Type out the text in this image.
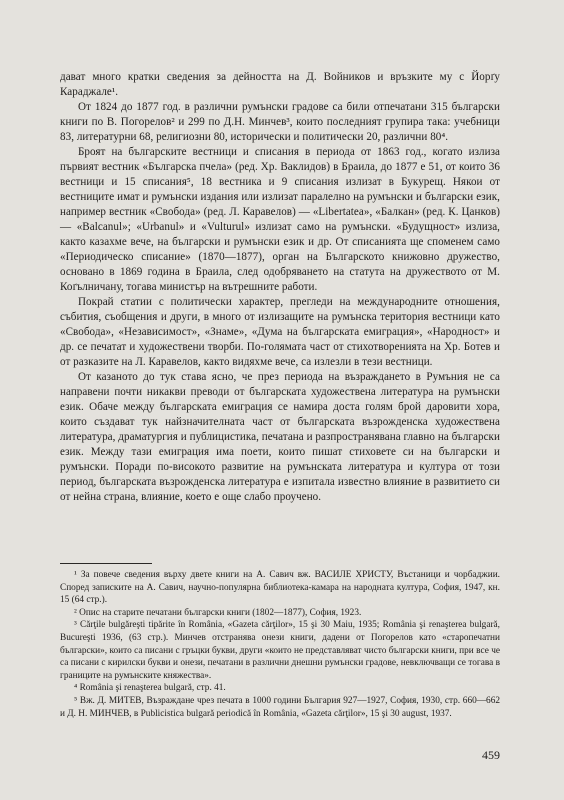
дават много кратки сведения за дейността на Д. Войников и връзките му с Йорґу Караджале¹.

От 1824 до 1877 год. в различни румънски градове са били отпечатани 315 български книги по В. Погорелов² и 299 по Д.Н. Минчев³, които последният групира така: учебници 83, литературни 68, религиозни 80, исторически и политически 20, различни 80⁴.

Броят на българските вестници и списания в периода от 1863 год., когато излиза първият вестник «Българска пчела» (ред. Хр. Ваклидов) в Браила, до 1877 е 51, от които 36 вестници и 15 списания⁵, 18 вестника и 9 списания излизат в Букурещ. Някои от вестниците имат и румънски издания или излизат паралелно на румънски и български език, например вестник «Свобода» (ред. Л. Каравелов) — «Libertatea», «Балкан» (ред. К. Цанков) — «Balcanul»; «Urbanul» и «Vulturul» излизат само на румънски. «Будущност» излиза, както казахме вече, на български и румънски език и др. От списанията ще споменем само «Периодическо списание» (1870—1877), орган на Българското книжовно дружество, основано в 1869 година в Браила, след одобряването на статута на дружеството от М. Коґълничану, тогава министър на вътрешните работи.

Покрай статии с политически характер, прегледи на международните отношения, събития, съобщения и други, в много от излизащите на румънска територия вестници като «Свобода», «Независимост», «Знаме», «Дума на българската емиграция», «Народност» и др. се печатат и художествени творби. По-голямата част от стихотворенията на Хр. Ботев и от разказите на Л. Каравелов, както видяхме вече, са излезли в тези вестници.

От казаното до тук става ясно, че през периода на възраждането в Румъния не са направени почти никакви преводи от българската художествена литература на румънски език. Обаче между българската емиграция се намира доста голям брой даровити хора, които създават тук найзначителната част от българската възрожденска художествена литература, драматургия и публицистика, печатана и разпространявана главно на български език. Между тази емиграция има поети, които пишат стиховете си на български и румънски. Поради по-високото развитие на румънската литература и култура от този период, българската възрожденска литература е изпитала известно влияние в развитието си от нейна страна, влияние, което е още слабо проучено.

¹ За повече сведения върху двете книги на А. Савич вж. ВАСИЛЕ ХРИСТУ, Въстаници и чорбаджии. Според записките на А. Савич, научно-популярна библиотека-камара на народната култура, София, 1947, кн. 15 (64 стр.).

² Опис на старите печатани български книги (1802—1877), София, 1923.

³ Cărţile bulgăreşti tipărite în România, «Gazeta cărţilor», 15 şi 30 Maiu, 1935; România şi renaşterea bulgară, Bucureşti 1936, (63 стр.). Минчев отстранява онези книги, дадени от Погорелов като «старопечатни български», които са писани с гръцки букви, други «които не представляват чисто български книги, при все че са писани с кирилски букви и онези, печатани в различни днешни румънски градове, невключващи се тогава в границите на румънските княжества».

⁴ România şi renaşterea bulgară, стр. 41.

⁵ Вж. Д. МИТЕВ, Възраждане чрез печата в 1000 години България 927—1927, София, 1930, стр. 660—662 и Д. Н. МИНЧЕВ, в Publicistica bulgară periodică în România, «Gazeta cărţilor», 15 şi 30 august, 1937.

459
